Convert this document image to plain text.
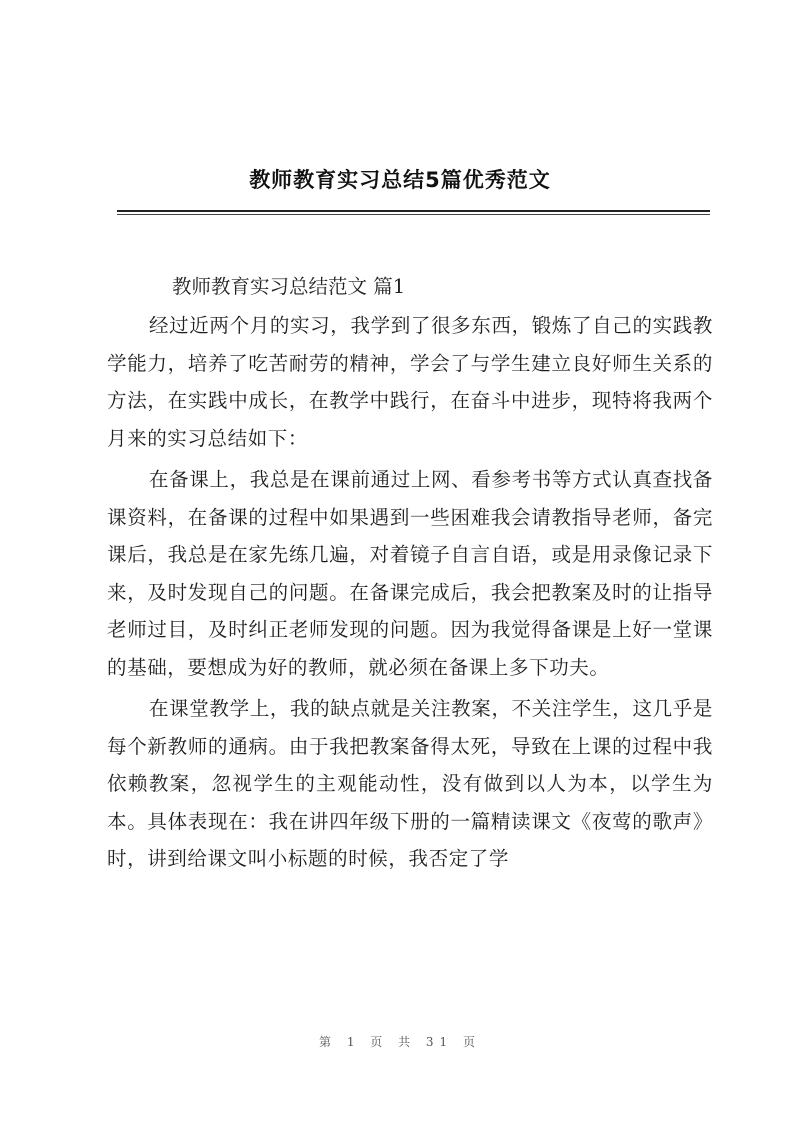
教师教育实习总结5篇优秀范文

教师教育实习总结范文 篇1

经过近两个月的实习，我学到了很多东西，锻炼了自己的实践教学能力，培养了吃苦耐劳的精神，学会了与学生建立良好师生关系的方法，在实践中成长，在教学中践行，在奋斗中进步，现特将我两个月来的实习总结如下：

在备课上，我总是在课前通过上网、看参考书等方式认真查找备课资料，在备课的过程中如果遇到一些困难我会请教指导老师，备完课后，我总是在家先练几遍，对着镜子自言自语，或是用录像记录下来，及时发现自己的问题。在备课完成后，我会把教案及时的让指导老师过目，及时纠正老师发现的问题。因为我觉得备课是上好一堂课的基础，要想成为好的教师，就必须在备课上多下功夫。

在课堂教学上，我的缺点就是关注教案，不关注学生，这几乎是每个新教师的通病。由于我把教案备得太死，导致在上课的过程中我依赖教案，忽视学生的主观能动性，没有做到以人为本，以学生为本。具体表现在：我在讲四年级下册的一篇精读课文《夜莺的歌声》时，讲到给课文叫小标题的时候，我否定了学

第 1 页 共 31 页
